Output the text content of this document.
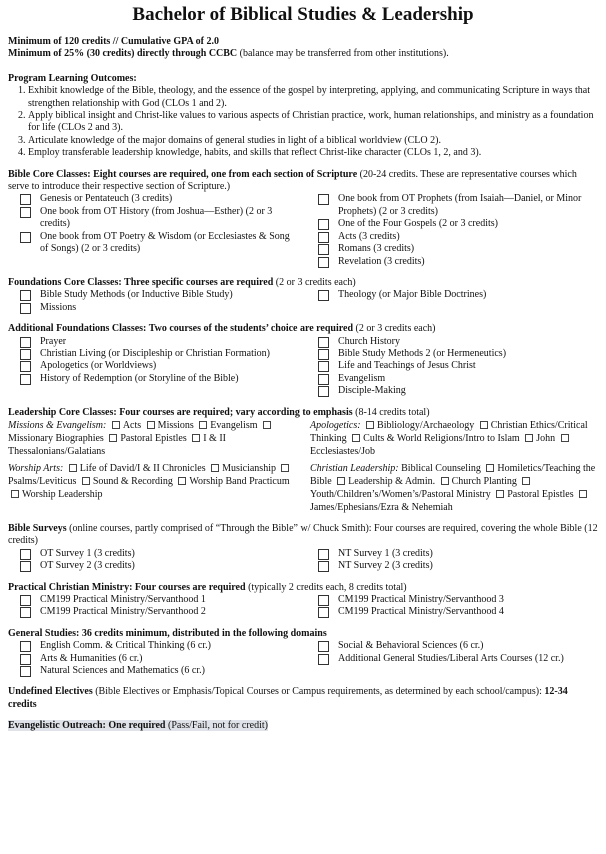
Bachelor of Biblical Studies & Leadership
Minimum of 120 credits // Cumulative GPA of 2.0
Minimum of 25% (30 credits) directly through CCBC (balance may be transferred from other institutions).
Program Learning Outcomes:
1. Exhibit knowledge of the Bible, theology, and the essence of the gospel by interpreting, applying, and communicating Scripture in ways that strengthen relationship with God (CLOs 1 and 2).
2. Apply biblical insight and Christ-like values to various aspects of Christian practice, work, human relationships, and ministry as a foundation for life (CLOs 2 and 3).
3. Articulate knowledge of the major domains of general studies in light of a biblical worldview (CLO 2).
4. Employ transferable leadership knowledge, habits, and skills that reflect Christ-like character (CLOs 1, 2, and 3).
Bible Core Classes: Eight courses are required, one from each section of Scripture (20-24 credits. These are representative courses which serve to introduce their respective section of Scripture.)
Genesis or Pentateuch (3 credits)
One book from OT History (from Joshua—Esther) (2 or 3 credits)
One book from OT Poetry & Wisdom (or Ecclesiastes & Song of Songs) (2 or 3 credits)
One book from OT Prophets (from Isaiah—Daniel, or Minor Prophets) (2 or 3 credits)
One of the Four Gospels (2 or 3 credits)
Acts (3 credits)
Romans (3 credits)
Revelation (3 credits)
Foundations Core Classes: Three specific courses are required (2 or 3 credits each)
Bible Study Methods (or Inductive Bible Study)
Missions
Theology (or Major Bible Doctrines)
Additional Foundations Classes: Two courses of the students’ choice are required (2 or 3 credits each)
Prayer
Christian Living (or Discipleship or Christian Formation)
Apologetics (or Worldviews)
History of Redemption (or Storyline of the Bible)
Church History
Bible Study Methods 2 (or Hermeneutics)
Life and Teachings of Jesus Christ
Evangelism
Disciple-Making
Leadership Core Classes: Four courses are required; vary according to emphasis (8-14 credits total)
Missions & Evangelism: Acts Missions Evangelism Missionary Biographies Pastoral Epistles I & II Thessalonians/Galatians
Apologetics: Bibliology/Archaeology Christian Ethics/Critical Thinking Cults & World Religions/Intro to Islam John Ecclesiastes/Job
Worship Arts: Life of David/I & II Chronicles Musicianship Psalms/Leviticus Sound & Recording Worship Band Practicum Worship Leadership
Christian Leadership: Biblical Counseling Homiletics/Teaching the Bible Leadership & Admin. Church Planting Youth/Children’s/Women’s/Pastoral Ministry Pastoral Epistles James/Ephesians/Ezra & Nehemiah
Bible Surveys (online courses, partly comprised of “Through the Bible” w/ Chuck Smith): Four courses are required, covering the whole Bible (12 credits)
OT Survey 1 (3 credits)
OT Survey 2 (3 credits)
NT Survey 1 (3 credits)
NT Survey 2 (3 credits)
Practical Christian Ministry: Four courses are required (typically 2 credits each, 8 credits total)
CM199 Practical Ministry/Servanthood 1
CM199 Practical Ministry/Servanthood 2
CM199 Practical Ministry/Servanthood 3
CM199 Practical Ministry/Servanthood 4
General Studies: 36 credits minimum, distributed in the following domains
English Comm. & Critical Thinking (6 cr.)
Arts & Humanities (6 cr.)
Natural Sciences and Mathematics (6 cr.)
Social & Behavioral Sciences (6 cr.)
Additional General Studies/Liberal Arts Courses (12 cr.)
Undefined Electives (Bible Electives or Emphasis/Topical Courses or Campus requirements, as determined by each school/campus): 12-34 credits
Evangelistic Outreach: One required (Pass/Fail, not for credit)
